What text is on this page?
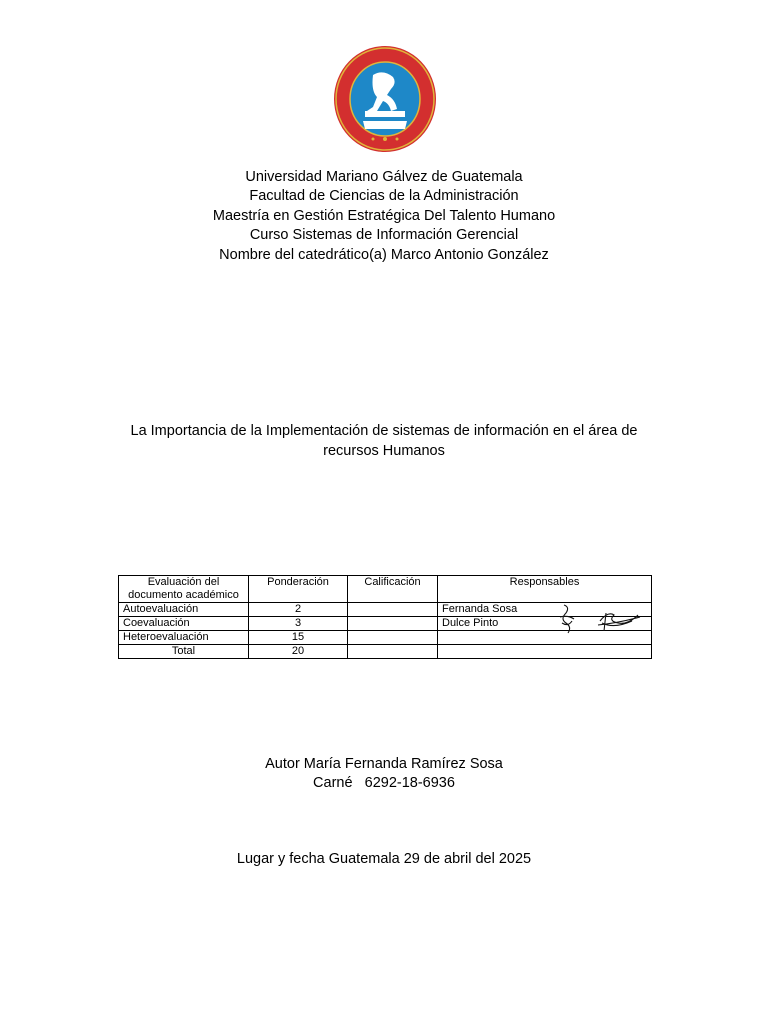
Universidad Mariano Gálvez de Guatemala
Facultad de Ciencias de la Administración
Maestría en Gestión Estratégica Del Talento Humano
Curso Sistemas de Información Gerencial
Nombre del catedrático(a) Marco Antonio González
La Importancia de la Implementación de sistemas de información en el área de
recursos Humanos
Evaluación del
documento académico	Ponderación	Calificación	Responsables
Autoevaluación	2		Fernanda Sosa

Coevaluación	3		Dulce Pinto

Heteroevaluación	15		
Total	20		
Autor María Fernanda Ramírez Sosa
Carné   6292-18-6936
Lugar y fecha Guatemala 29 de abril del 2025
